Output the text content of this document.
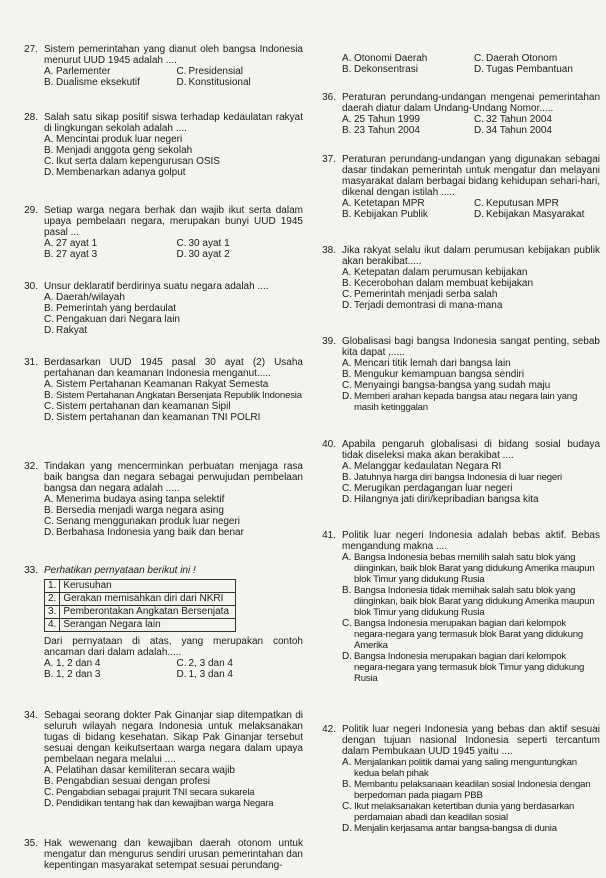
27. Sistem pemerintahan yang dianut oleh bangsa Indonesia menurut UUD 1945 adalah ....
A. Parlementer	C. Presidensial
B. Dualisme eksekutif	D. Konstitusional
28. Salah satu sikap positif siswa terhadap kedaulatan rakyat di lingkungan sekolah adalah ....
A. Mencintai produk luar negeri
B. Menjadi anggota geng sekolah
C. Ikut serta dalam kepengurusan OSIS
D. Membenarkan adanya golput
29. Setiap warga negara berhak dan wajib ikut serta dalam upaya pembelaan negara, merupakan bunyi UUD 1945 pasal ...
A. 27 ayat 1	C. 30 ayat 1
B. 27 ayat 3	D. 30 ayat 2
30. Unsur deklaratif berdirinya suatu negara adalah ....
A. Daerah/wilayah
B. Pemerintah yang berdaulat
C. Pengakuan dari Negara lain
D. Rakyat
31. Berdasarkan UUD 1945 pasal 30 ayat (2) Usaha pertahanan dan keamanan Indonesia menganut.....
A. Sistem Pertahanan Keamanan Rakyat Semesta
B. Sistem Pertahanan Angkatan Bersenjata Republik Indonesia
C. Sistem pertahanan dan keamanan Sipil
D. Sistem pertahanan dan keamanan TNI POLRI
32. Tindakan yang mencerminkan perbuatan menjaga rasa baik bangsa dan negara sebagai perwujudan pembelaan bangsa dan negara adalah .....
A. Menerima budaya asing tanpa selektif
B. Bersedia menjadi warga negara asing
C. Senang menggunakan produk luar negeri
D. Berbahasa Indonesia yang baik dan benar
33. Perhatikan pernyataan berikut ini !
1.	Kerusuhan
2.	Gerakan memisahkan diri dari NKRI
3.	Pemberontakan Angkatan Bersenjata
4.	Serangan Negara lain
Dari pernyataan di atas, yang merupakan contoh ancaman dari dalam adalah.....
A. 1, 2 dan 4	C. 2, 3 dan 4
B. 1, 2 dan 3	D. 1, 3 dan 4
34. Sebagai seorang dokter Pak Ginanjar siap ditempatkan di seluruh wilayah negara Indonesia untuk melaksanakan tugas di bidang kesehatan. Sikap Pak Ginanjar tersebut sesuai dengan keikutsertaan warga negara dalam upaya pembelaan negara melalui ....
A. Pelatihan dasar kemiliteran secara wajib
B. Pengabdian sesuai dengan profesi
C. Pengabdian sebagai prajurit TNI secara sukarela
D. Pendidikan tentang hak dan kewajiban warga Negara
35. Hak wewenang dan kewajiban daerah otonom untuk mengatur dan mengurus sendiri urusan pemerintahan dan kepentingan masyarakat setempat sesuai perundang-
A. Otonomi Daerah	C. Daerah Otonom
B. Dekonsentrasi	D. Tugas Pembantuan
36. Peraturan perundang-undangan mengenai pemerintahan daerah diatur dalam Undang-Undang Nomor.....
A. 25 Tahun 1999	C. 32 Tahun 2004
B. 23 Tahun 2004	D. 34 Tahun 2004
37. Peraturan perundang-undangan yang digunakan sebagai dasar tindakan pemerintah untuk mengatur dan melayani masyarakat dalam berbagai bidang kehidupan sehari-hari, dikenal dengan istilah .....
A. Ketetapan MPR	C. Keputusan MPR
B. Kebijakan Publik	D. Kebijakan Masyarakat
38. Jika rakyat selalu ikut dalam perumusan kebijakan publik akan berakibat.....
A. Ketepatan dalam perumusan kebijakan
B. Kecerobohan dalam membuat kebijakan
C. Pemerintah menjadi serba salah
D. Terjadi demontrasi di mana-mana
39. Globalisasi bagi bangsa Indonesia sangat penting, sebab kita dapat ,.....
A. Mencari titik lemah dari bangsa lain
B. Mengukur kemampuan bangsa sendiri
C. Menyaingi bangsa-bangsa yang sudah maju
D. Memberi arahan kepada bangsa atau negara lain yang masih ketinggalan
40. Apabila pengaruh globalisasi di bidang sosial budaya tidak diseleksi maka akan berakibat ....
A. Melanggar kedaulatan Negara RI
B. Jatuhnya harga diri bangsa Indonesia di luar negeri
C. Merugikan perdagangan luar negeri
D. Hilangnya jati diri/kepribadian bangsa kita
41. Politik luar negeri Indonesia adalah bebas aktif. Bebas mengandung makna ....
A. Bangsa Indonesia bebas memilih salah satu blok yang diinginkan, baik blok Barat yang didukung Amerika maupun blok Timur yang didukung Rusia
B. Bangsa Indonesia tidak memihak salah satu blok yang diinginkan, baik blok Barat yang didukung Amerika maupun blok Timur yang didukung Rusia
C. Bangsa Indonesia merupakan bagian dari kelompok negara-negara yang termasuk blok Barat yang didukung Amerika
D. Bangsa Indonesia merupakan bagian dari kelompok negara-negara yang termasuk blok Timur yang didukung Rusia
42. Politik luar negeri Indonesia yang bebas dan aktif sesuai dengan tujuan nasional Indonesia seperti tercantum dalam Pembukaan UUD 1945 yaitu ....
A. Menjalankan politik damai yang saling menguntungkan kedua belah pihak
B. Membantu pelaksanaan keadilan sosial Indonesia dengan berpedoman pada piagam PBB
C. Ikut melaksanakan ketertiban dunia yang berdasarkan perdamaian abadi dan keadilan sosial
D. Menjalin kerjasama antar bangsa-bangsa di dunia
